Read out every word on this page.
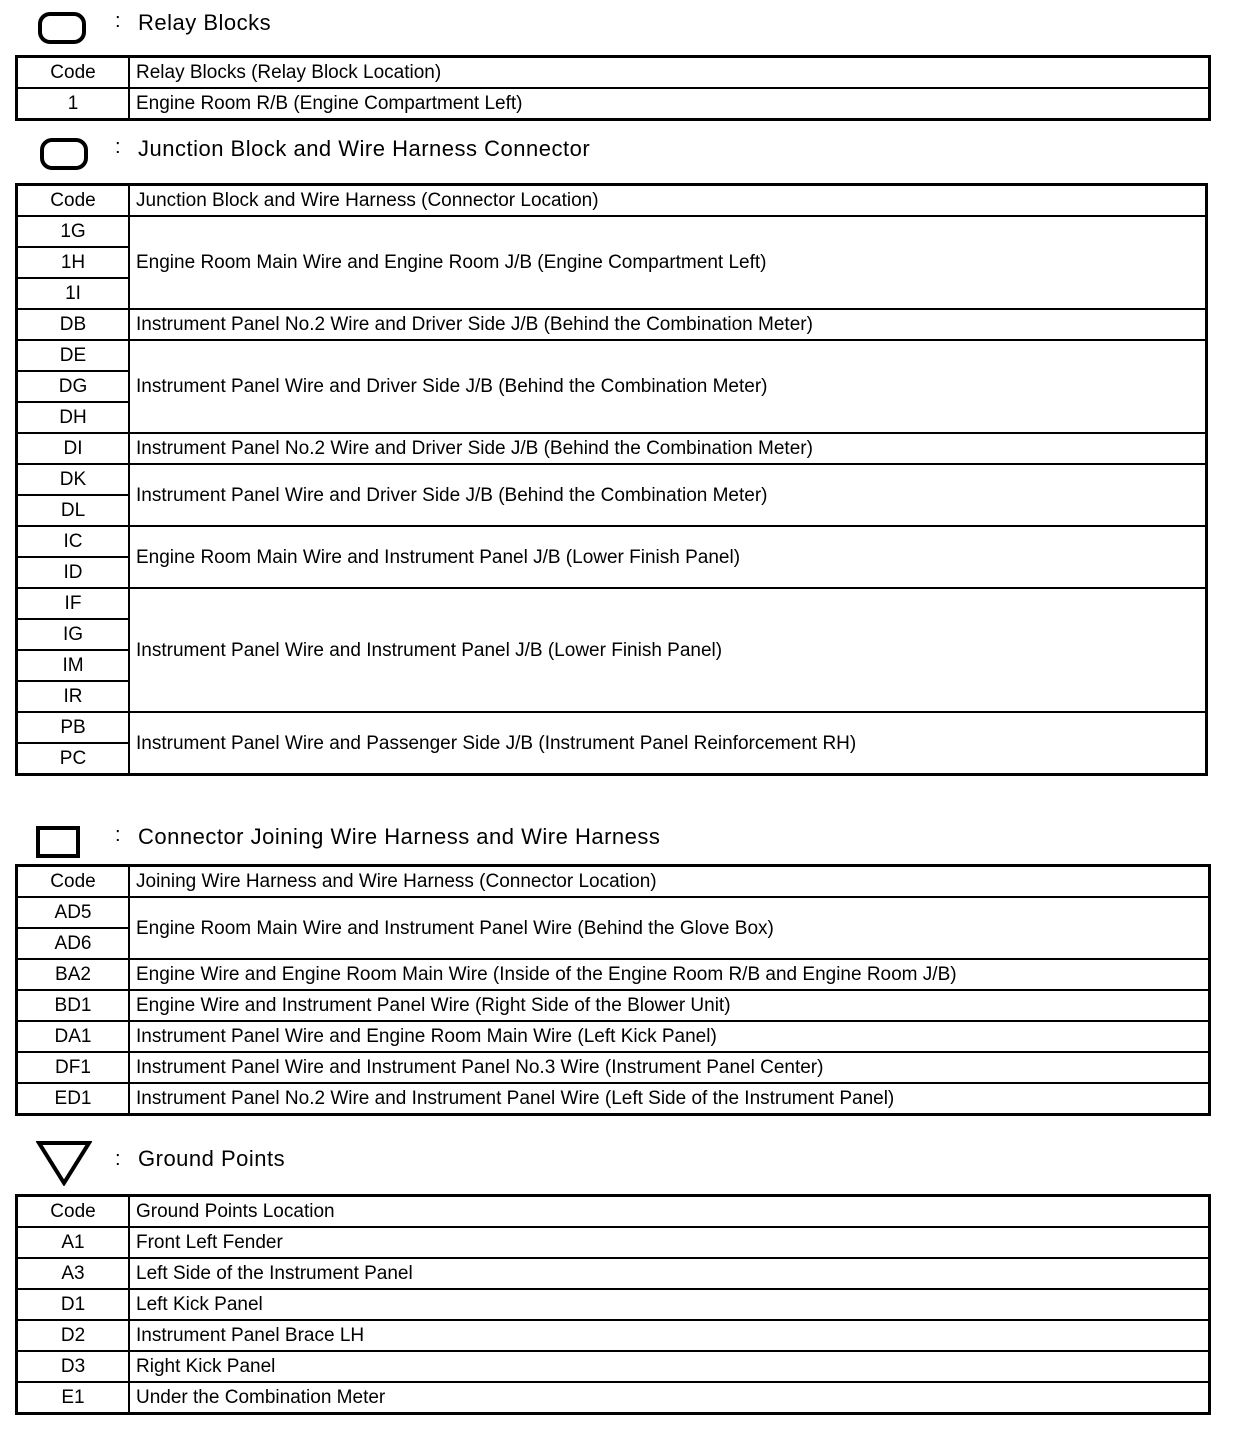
: Relay Blocks
Code	Relay Blocks (Relay Block Location)
1	Engine Room R/B (Engine Compartment Left)
: Junction Block and Wire Harness Connector
Code	Junction Block and Wire Harness (Connector Location)
1G	Engine Room Main Wire and Engine Room J/B (Engine Compartment Left)
1H	
1I	
DB	Instrument Panel No.2 Wire and Driver Side J/B (Behind the Combination Meter)
DE	Instrument Panel Wire and Driver Side J/B (Behind the Combination Meter)
DG	
DH	
DI	Instrument Panel No.2 Wire and Driver Side J/B (Behind the Combination Meter)
DK	Instrument Panel Wire and Driver Side J/B (Behind the Combination Meter)
DL	
IC	Engine Room Main Wire and Instrument Panel J/B (Lower Finish Panel)
ID	
IF	Instrument Panel Wire and Instrument Panel J/B (Lower Finish Panel)
IG	
IM	
IR	
PB	Instrument Panel Wire and Passenger Side J/B (Instrument Panel Reinforcement RH)
PC	
: Connector Joining Wire Harness and Wire Harness
Code	Joining Wire Harness and Wire Harness (Connector Location)
AD5	Engine Room Main Wire and Instrument Panel Wire (Behind the Glove Box)
AD6	
BA2	Engine Wire and Engine Room Main Wire (Inside of the Engine Room R/B and Engine Room J/B)
BD1	Engine Wire and Instrument Panel Wire (Right Side of the Blower Unit)
DA1	Instrument Panel Wire and Engine Room Main Wire (Left Kick Panel)
DF1	Instrument Panel Wire and Instrument Panel No.3 Wire (Instrument Panel Center)
ED1	Instrument Panel No.2 Wire and Instrument Panel Wire (Left Side of the Instrument Panel)
: Ground Points
Code	Ground Points Location
A1	Front Left Fender
A3	Left Side of the Instrument Panel
D1	Left Kick Panel
D2	Instrument Panel Brace LH
D3	Right Kick Panel
E1	Under the Combination Meter
